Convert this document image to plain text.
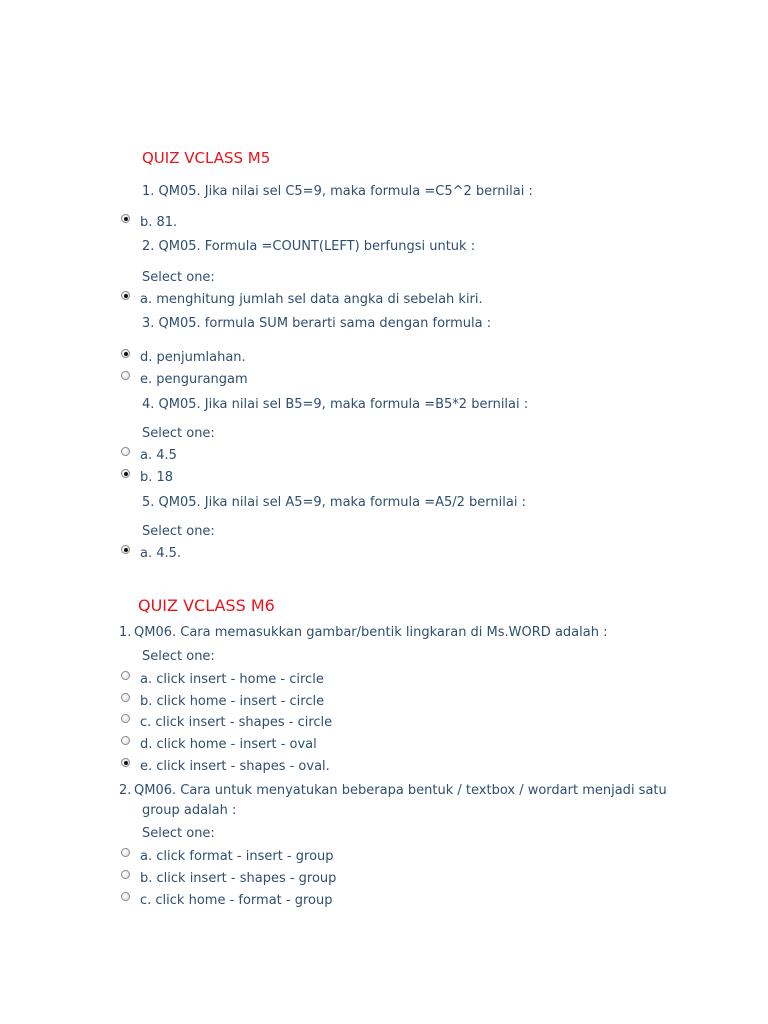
QUIZ VCLASS M5
1. QM05. Jika nilai sel C5=9, maka formula =C5^2 bernilai :
b. 81.
2. QM05. Formula =COUNT(LEFT) berfungsi untuk :
Select one:
a. menghitung jumlah sel data angka di sebelah kiri.
3. QM05. formula SUM berarti sama dengan formula :
d. penjumlahan.
e. pengurangam
4. QM05. Jika nilai sel B5=9, maka formula =B5*2 bernilai :
Select one:
a. 4.5
b. 18
5. QM05. Jika nilai sel A5=9, maka formula =A5/2 bernilai :
Select one:
a. 4.5.
QUIZ VCLASS M6
1. QM06. Cara memasukkan gambar/bentik lingkaran di Ms.WORD adalah :
Select one:
a. click insert - home - circle
b. click home - insert - circle
c. click insert - shapes - circle
d. click home - insert - oval
e. click insert - shapes - oval.
2. QM06. Cara untuk menyatukan beberapa bentuk / textbox / wordart menjadi satu
group adalah :
Select one:
a. click format - insert - group
b. click insert - shapes - group
c. click home - format - group
